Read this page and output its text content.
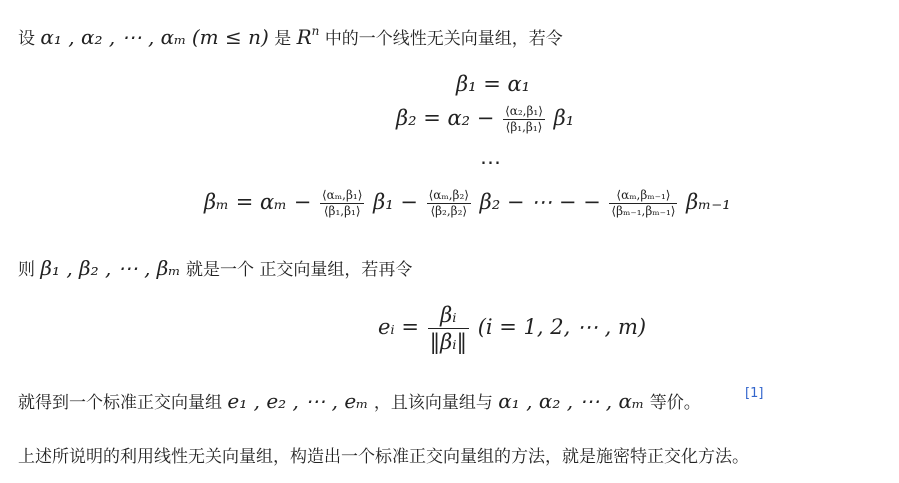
设 α₁ , α₂ , ⋯ , αₘ (m ≤ n) 是 $R^n$ 中的一个线性无关向量组，若令
β₁ = α₁
$\beta_2 = \alpha_2 - \frac{\text{⟨α₂,β₁⟩}}{\text{⟨β₁,β₁⟩}} \beta_1$
⋯
$\beta_m = \alpha_m - \frac{\text{⟨αₘ,β₁⟩}}{\text{⟨β₁,β₁⟩}} \beta_1 - \frac{\text{⟨αₘ,β₂⟩}}{\text{⟨β₂,β₂⟩}} \beta_2$ − ⋯ − − $\frac{\text{⟨αₘ,βₘ₋₁⟩}}{\text{⟨βₘ₋₁,βₘ₋₁⟩}} \beta_{m-1}$
则 β₁ , β₂ , ⋯ , βₘ 就是一个 正交向量组，若再令
eᵢ = $\frac{\text{βᵢ}}{\text{‖βᵢ‖}} (i = 1$, 2, ⋯ , m)
就得到一个标准正交向量组 e₁ , e₂ , ⋯ , eₘ ，且该向量组与 α₁ , α₂ , ⋯ , αₘ 等价。	[1]
上述所说明的利用线性无关向量组，构造出一个标准正交向量组的方法，就是施密特正交化方法。
